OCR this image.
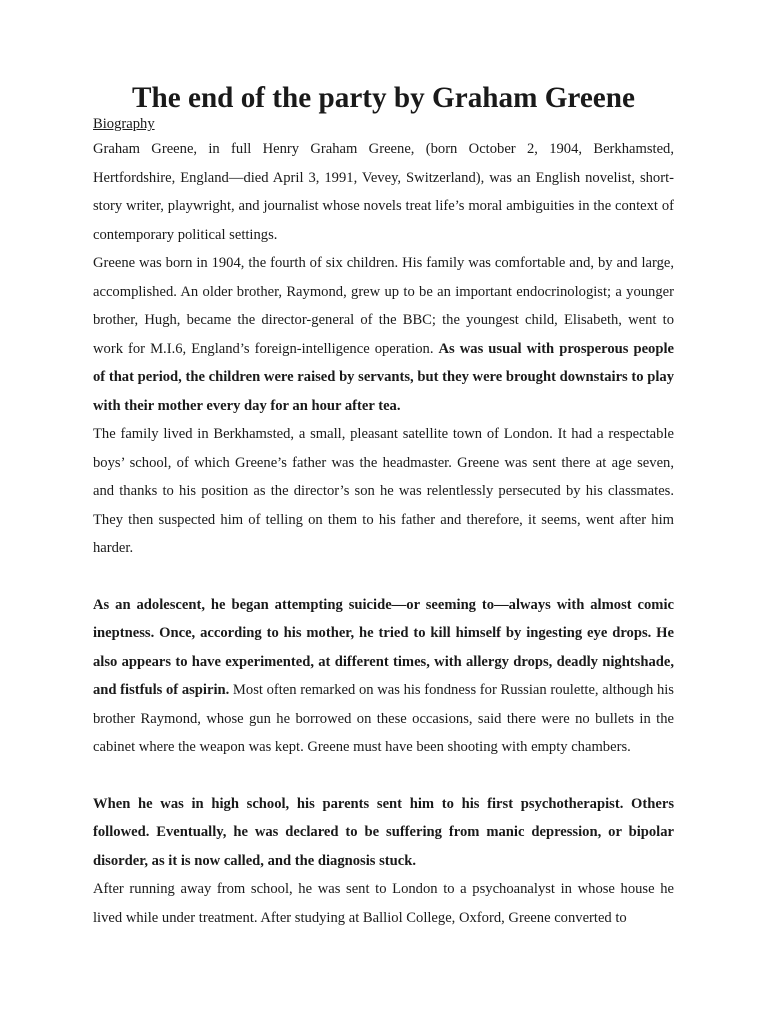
The end of the party by Graham Greene
Biography

Graham Greene, in full Henry Graham Greene, (born October 2, 1904, Berkhamsted, Hertfordshire, England—died April 3, 1991, Vevey, Switzerland), was an English novelist, short-story writer, playwright, and journalist whose novels treat life’s moral ambiguities in the context of contemporary political settings.

Greene was born in 1904, the fourth of six children. His family was comfortable and, by and large, accomplished. An older brother, Raymond, grew up to be an important endocrinologist; a younger brother, Hugh, became the director-general of the BBC; the youngest child, Elisabeth, went to work for M.I.6, England’s foreign-intelligence operation. As was usual with prosperous people of that period, the children were raised by servants, but they were brought downstairs to play with their mother every day for an hour after tea.

The family lived in Berkhamsted, a small, pleasant satellite town of London. It had a respectable boys’ school, of which Greene’s father was the headmaster. Greene was sent there at age seven, and thanks to his position as the director’s son he was relentlessly persecuted by his classmates. They then suspected him of telling on them to his father and therefore, it seems, went after him harder.

As an adolescent, he began attempting suicide—or seeming to—always with almost comic ineptness. Once, according to his mother, he tried to kill himself by ingesting eye drops. He also appears to have experimented, at different times, with allergy drops, deadly nightshade, and fistfuls of aspirin. Most often remarked on was his fondness for Russian roulette, although his brother Raymond, whose gun he borrowed on these occasions, said there were no bullets in the cabinet where the weapon was kept. Greene must have been shooting with empty chambers.

When he was in high school, his parents sent him to his first psychotherapist. Others followed. Eventually, he was declared to be suffering from manic depression, or bipolar disorder, as it is now called, and the diagnosis stuck.

After running away from school, he was sent to London to a psychoanalyst in whose house he lived while under treatment. After studying at Balliol College, Oxford, Greene converted to
